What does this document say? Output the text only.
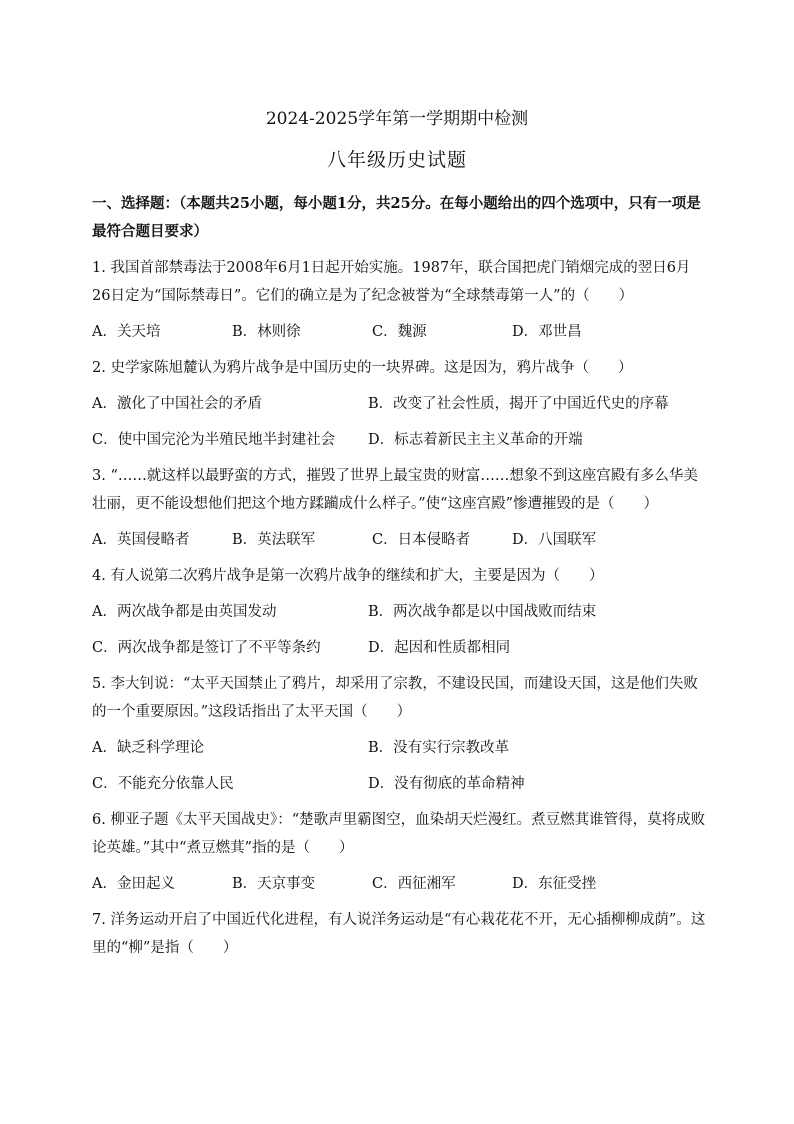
2024-2025学年第一学期期中检测
八年级历史试题
一、选择题：（本题共25小题，每小题1分，共25分。在每小题给出的四个选项中，只有一项是最符合题目要求）
1. 我国首部禁毒法于2008年6月1日起开始实施。1987年，联合国把虎门销烟完成的翌日6月26日定为“国际禁毒日”。它们的确立是为了纪念被誉为“全球禁毒第一人”的（　　）
A．关天培	B．林则徐	C．魏源	D．邓世昌
2. 史学家陈旭麓认为鸦片战争是中国历史的一块界碑。这是因为，鸦片战争（　　）
A．激化了中国社会的矛盾	B．改变了社会性质，揭开了中国近代史的序幕
C．使中国完沦为半殖民地半封建社会	D．标志着新民主主义革命的开端
3. “……就这样以最野蛮的方式，摧毁了世界上最宝贵的财富……想象不到这座宫殿有多么华美壮丽，更不能设想他们把这个地方蹂躏成什么样子。”使“这座宫殿”惨遭摧毁的是（　　）
A．英国侵略者	B．英法联军	C．日本侵略者	D．八国联军
4. 有人说第二次鸦片战争是第一次鸦片战争的继续和扩大，主要是因为（　　）
A．两次战争都是由英国发动	B．两次战争都是以中国战败而结束
C．两次战争都是签订了不平等条约	D．起因和性质都相同
5. 李大钊说：“太平天国禁止了鸦片，却采用了宗教，不建设民国，而建设天国，这是他们失败的一个重要原因。”这段话指出了太平天国（　　）
A．缺乏科学理论	B．没有实行宗教改革
C．不能充分依靠人民	D．没有彻底的革命精神
6. 柳亚子题《太平天国战史》：“楚歌声里霸图空，血染胡天烂漫红。煮豆燃萁谁管得，莫将成败论英雄。”其中“煮豆燃萁”指的是（　　）
A．金田起义	B．天京事变	C．西征湘军	D．东征受挫
7. 洋务运动开启了中国近代化进程，有人说洋务运动是“有心栽花花不开，无心插柳柳成荫”。这里的“柳”是指（　　）
